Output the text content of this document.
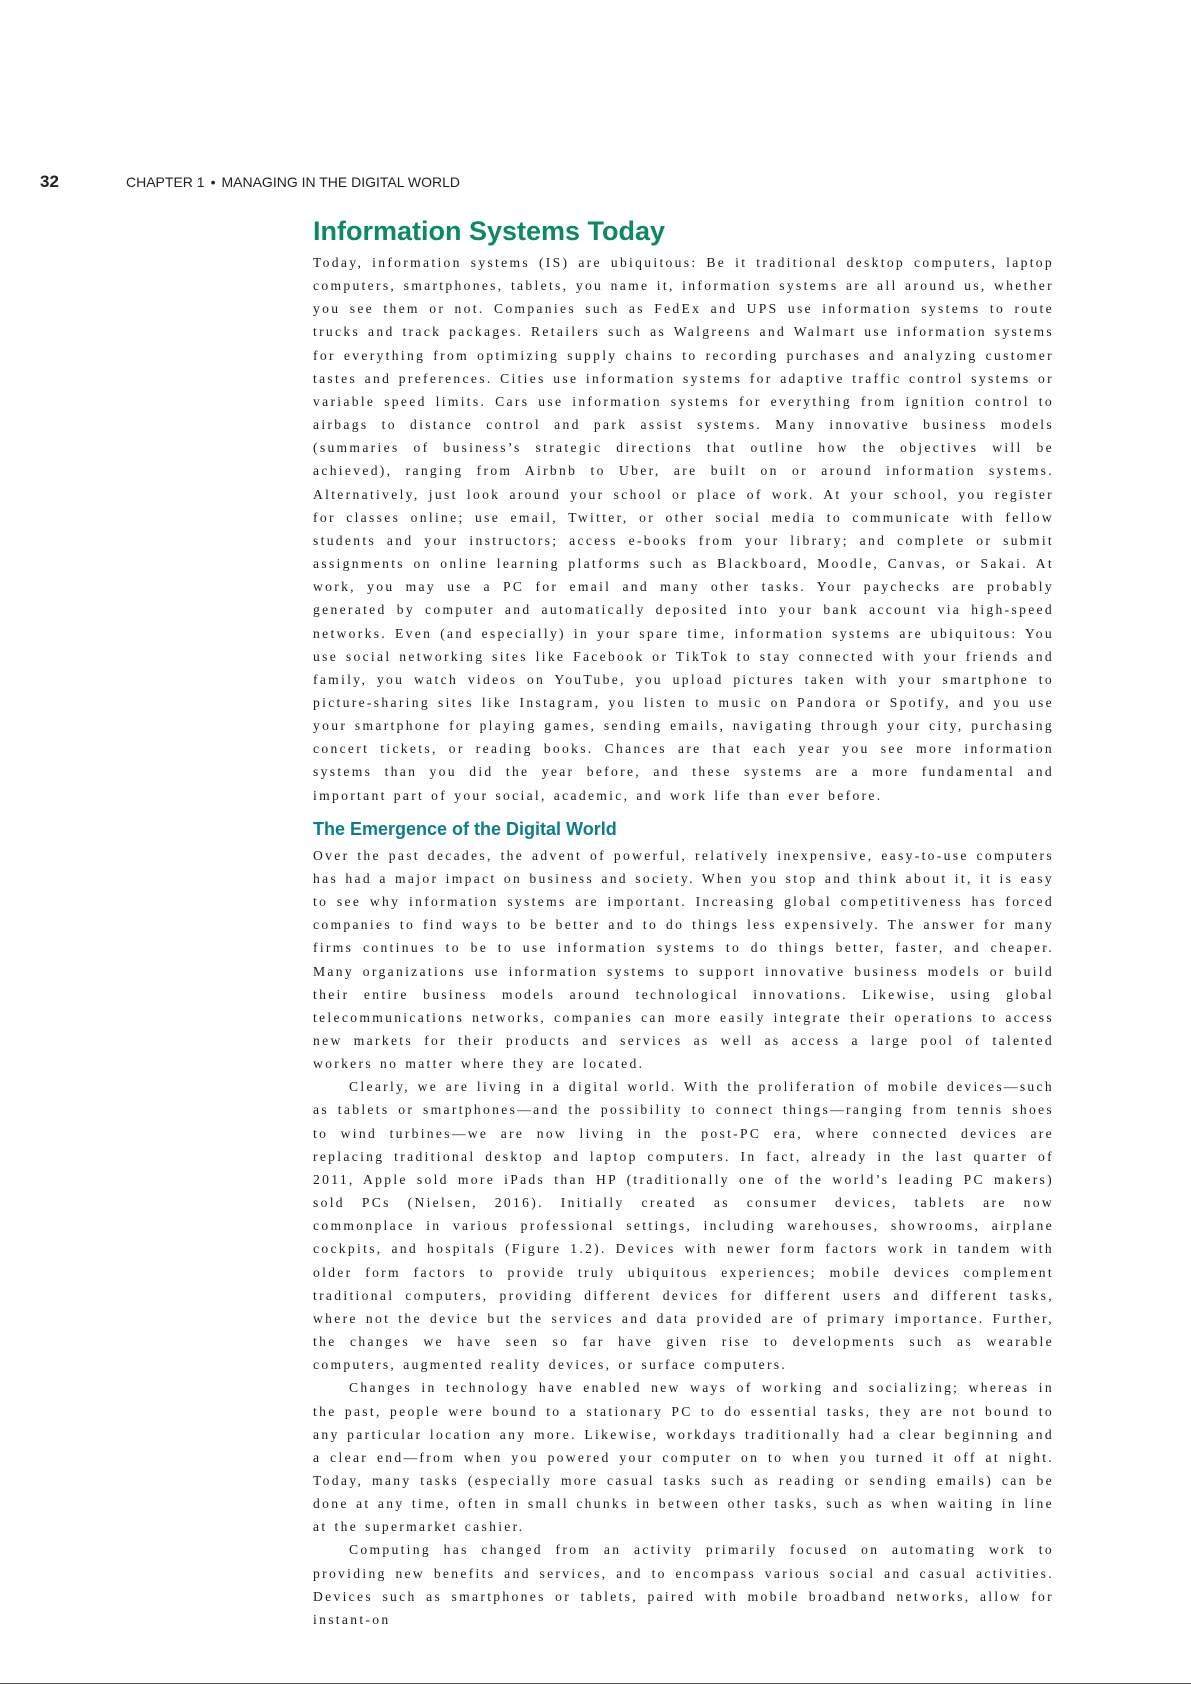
32	CHAPTER 1 • MANAGING IN THE DIGITAL WORLD
Information Systems Today

Today, information systems (IS) are ubiquitous: Be it traditional desktop computers, laptop computers, smartphones, tablets, you name it, information systems are all around us, whether you see them or not. Companies such as FedEx and UPS use information systems to route trucks and track packages. Retailers such as Walgreens and Walmart use information systems for everything from optimizing supply chains to recording purchases and analyzing customer tastes and preferences. Cities use information systems for adaptive traffic control systems or variable speed limits. Cars use information systems for everything from ignition control to airbags to distance control and park assist systems. Many innovative business models (summaries of business’s strategic directions that outline how the objectives will be achieved), ranging from Airbnb to Uber, are built on or around information systems. Alternatively, just look around your school or place of work. At your school, you register for classes online; use email, Twitter, or other social media to communicate with fellow students and your instructors; access e-books from your library; and complete or submit assignments on online learning platforms such as Blackboard, Moodle, Canvas, or Sakai. At work, you may use a PC for email and many other tasks. Your paychecks are probably generated by computer and automatically deposited into your bank account via high-speed networks. Even (and especially) in your spare time, information systems are ubiquitous: You use social networking sites like Facebook or TikTok to stay connected with your friends and family, you watch videos on YouTube, you upload pictures taken with your smartphone to picture-sharing sites like Instagram, you listen to music on Pandora or Spotify, and you use your smartphone for playing games, sending emails, navigating through your city, purchasing concert tickets, or reading books. Chances are that each year you see more information systems than you did the year before, and these systems are a more fundamental and important part of your social, academic, and work life than ever before.

The Emergence of the Digital World

Over the past decades, the advent of powerful, relatively inexpensive, easy-to-use computers has had a major impact on business and society. When you stop and think about it, it is easy to see why information systems are important. Increasing global competitiveness has forced companies to find ways to be better and to do things less expensively. The answer for many firms continues to be to use information systems to do things better, faster, and cheaper. Many organizations use information systems to support innovative business models or build their entire business models around technological innovations. Likewise, using global telecommunications networks, companies can more easily integrate their operations to access new markets for their products and services as well as access a large pool of talented workers no matter where they are located.

Clearly, we are living in a digital world. With the proliferation of mobile devices—such as tablets or smartphones—and the possibility to connect things—ranging from tennis shoes to wind turbines—we are now living in the post-PC era, where connected devices are replacing traditional desktop and laptop computers. In fact, already in the last quarter of 2011, Apple sold more iPads than HP (traditionally one of the world’s leading PC makers) sold PCs (Nielsen, 2016). Initially created as consumer devices, tablets are now commonplace in various professional settings, including warehouses, showrooms, airplane cockpits, and hospitals (Figure 1.2). Devices with newer form factors work in tandem with older form factors to provide truly ubiquitous experiences; mobile devices complement traditional computers, providing different devices for different users and different tasks, where not the device but the services and data provided are of primary importance. Further, the changes we have seen so far have given rise to developments such as wearable computers, augmented reality devices, or surface computers.

Changes in technology have enabled new ways of working and socializing; whereas in the past, people were bound to a stationary PC to do essential tasks, they are not bound to any particular location any more. Likewise, workdays traditionally had a clear beginning and a clear end—from when you powered your computer on to when you turned it off at night. Today, many tasks (especially more casual tasks such as reading or sending emails) can be done at any time, often in small chunks in between other tasks, such as when waiting in line at the supermarket cashier.

Computing has changed from an activity primarily focused on automating work to providing new benefits and services, and to encompass various social and casual activities. Devices such as smartphones or tablets, paired with mobile broadband networks, allow for instant-on
